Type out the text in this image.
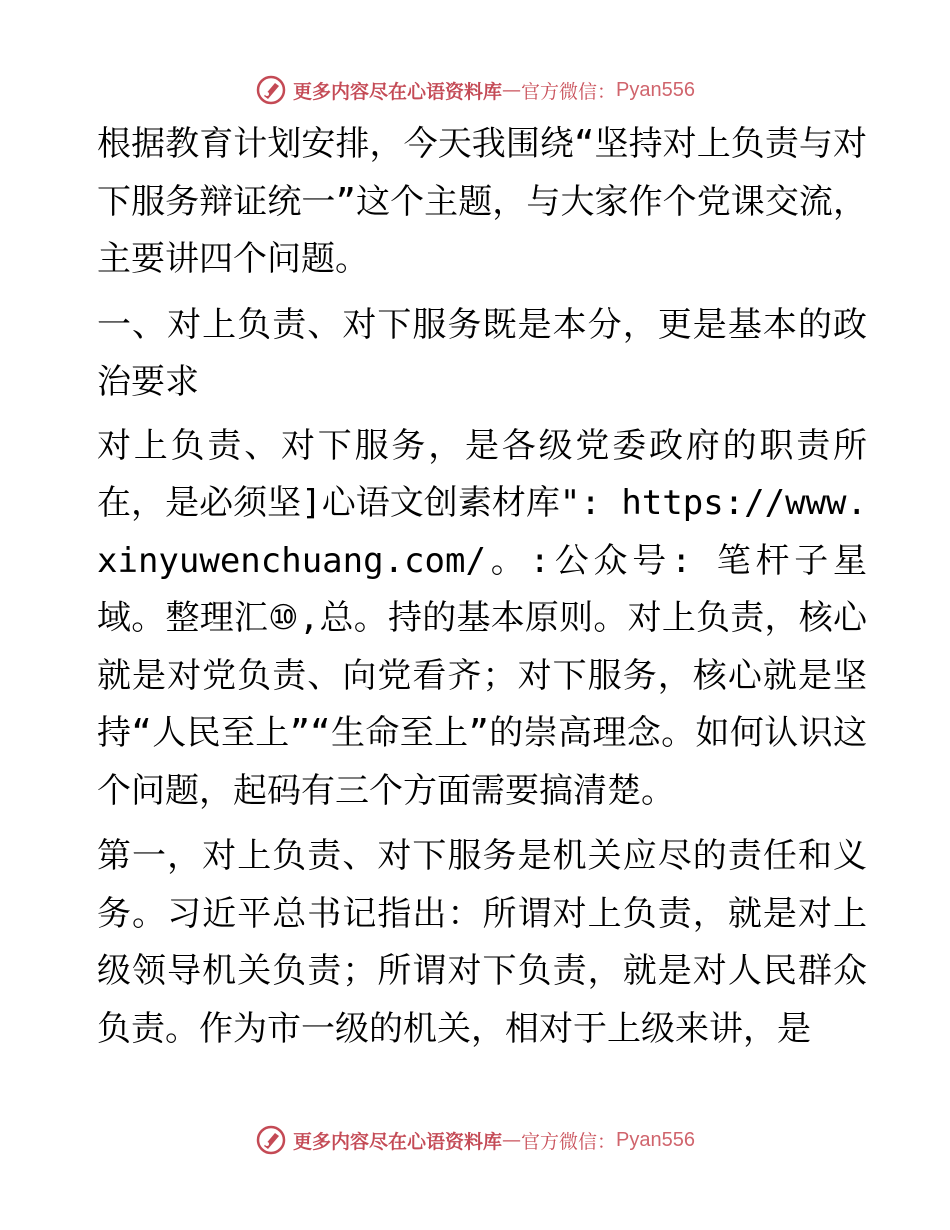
更多内容尽在心语资料库 — 官方微信： Pyan556

根据教育计划安排，今天我围绕“坚持对上负责与对下服务辩证统一”这个主题，与大家作个党课交流，主要讲四个问题。

一、对上负责、对下服务既是本分，更是基本的政治要求

对上负责、对下服务，是各级党委政府的职责所在，是必须坚]心语文创素材库": https://www.xinyuwenchuang.com/。:公众号: 笔杆子星域。整理汇⑩,总。持的基本原则。对上负责，核心就是对党负责、向党看齐；对下服务，核心就是坚持“人民至上”“生命至上”的崇高理念。如何认识这个问题，起码有三个方面需要搞清楚。

第一，对上负责、对下服务是机关应尽的责任和义务。习近平总书记指出：所谓对上负责，就是对上级领导机关负责；所谓对下负责，就是对人民群众负责。作为市一级的机关，相对于上级来讲，是

更多内容尽在心语资料库 — 官方微信： Pyan556
